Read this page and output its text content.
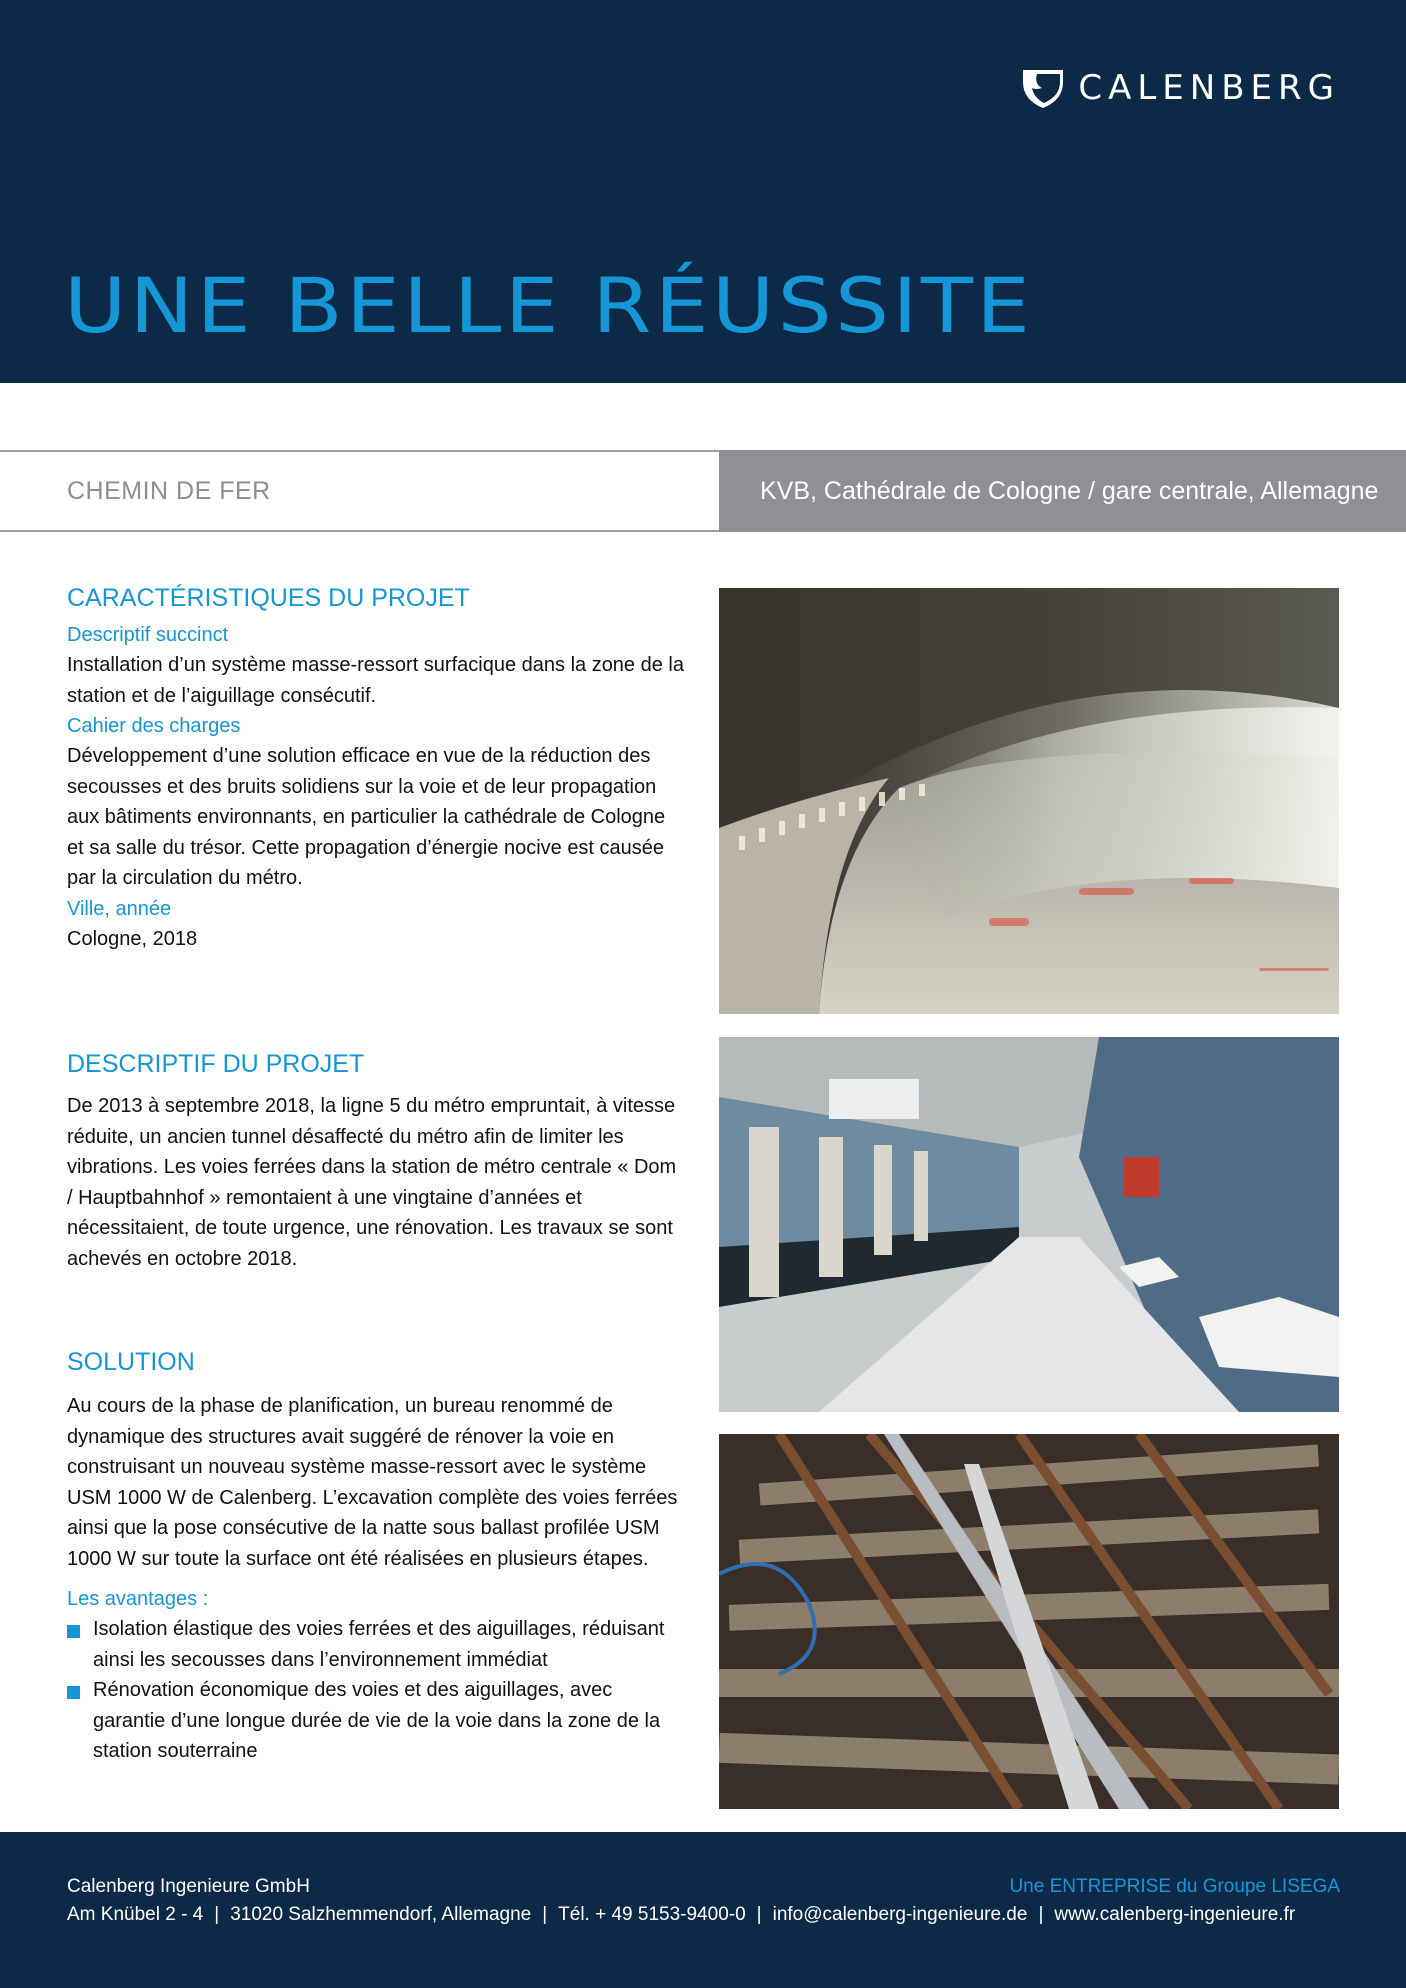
CALENBERG
UNE BELLE RÉUSSITE
CHEMIN DE FER	KVB, Cathédrale de Cologne / gare centrale, Allemagne
CARACTÉRISTIQUES DU PROJET
Descriptif succinct

Installation d’un système masse-ressort surfacique dans la zone de la station et de l’aiguillage consécutif.

Cahier des charges

Développement d’une solution efficace en vue de la réduction des secousses et des bruits solidiens sur la voie et de leur propagation aux bâtiments environnants, en particulier la cathédrale de Cologne et sa salle du trésor. Cette propagation d’énergie nocive est causée par la circulation du métro.

Ville, année

Cologne, 2018

DESCRIPTIF DU PROJET

De 2013 à septembre 2018, la ligne 5 du métro empruntait, à vitesse réduite, un ancien tunnel désaffecté du métro afin de limiter les vibrations. Les voies ferrées dans la station de métro centrale « Dom / Hauptbahnhof » remontaient à une vingtaine d’années et nécessitaient, de toute urgence, une rénovation. Les travaux se sont achevés en octobre 2018.

SOLUTION

Au cours de la phase de planification, un bureau renommé de dynamique des structures avait suggéré de rénover la voie en construisant un nouveau système masse-ressort avec le système USM 1000 W de Calenberg. L’excavation complète des voies ferrées ainsi que la pose consécutive de la natte sous ballast profilée USM 1000 W sur toute la surface ont été réalisées en plusieurs étapes.

Les avantages :
Isolation élastique des voies ferrées et des aiguillages, réduisant ainsi les secousses dans l’environnement immédiat
Rénovation économique des voies et des aiguillages, avec garantie d’une longue durée de vie de la voie dans la zone de la station souterraine
Calenberg Ingenieure GmbH
Am Knübel 2 - 4 | 31020 Salzhemmendorf, Allemagne | Tél. + 49 5153-9400-0 | info@calenberg-ingenieure.de | www.calenberg-ingenieure.fr
Une ENTREPRISE du Groupe LISEGA
